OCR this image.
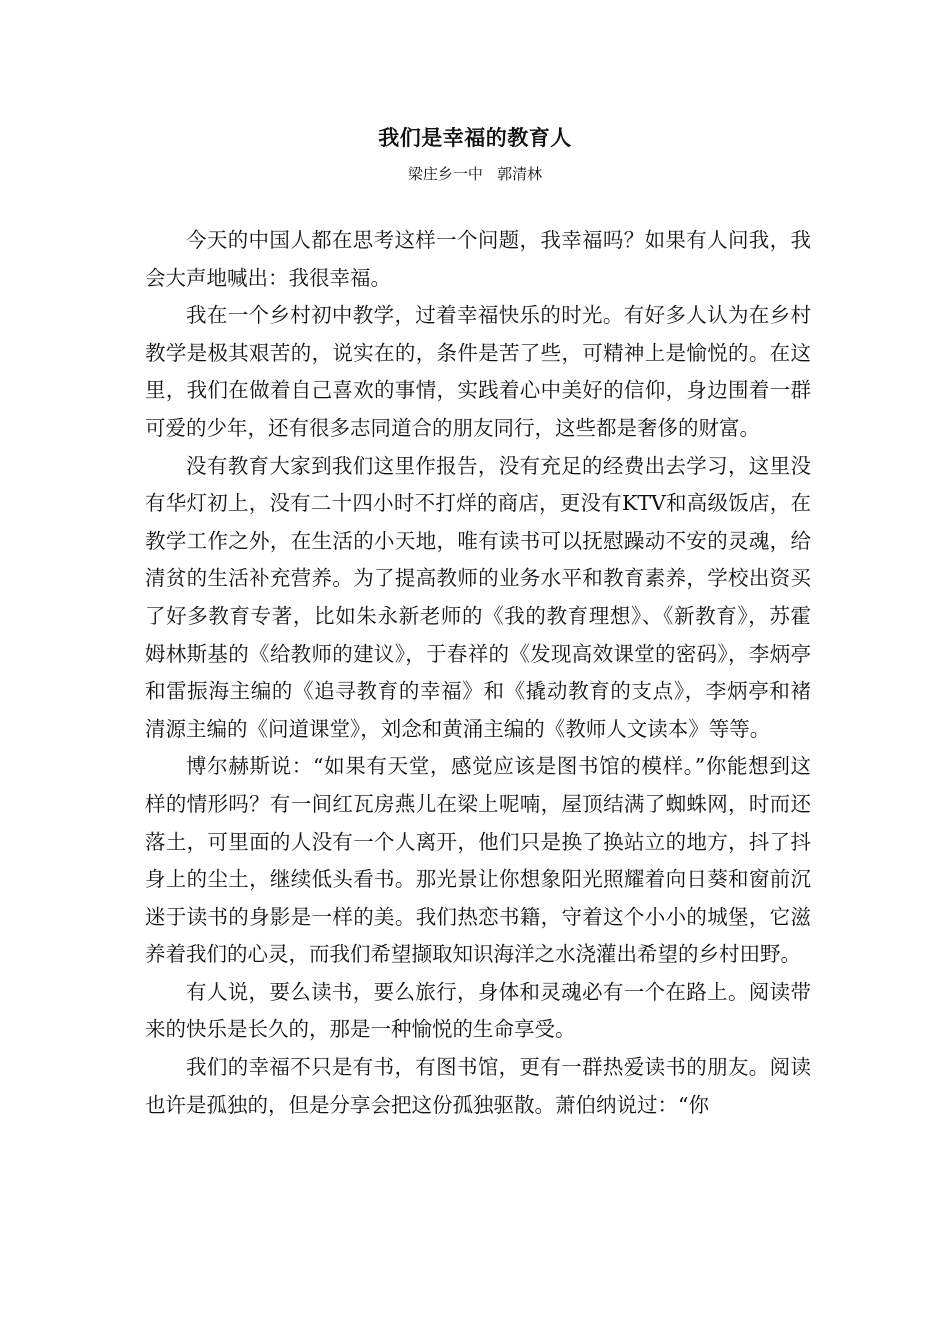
我们是幸福的教育人
梁庄乡一中   郭清林

今天的中国人都在思考这样一个问题，我幸福吗？如果有人问我，我会大声地喊出：我很幸福。

我在一个乡村初中教学，过着幸福快乐的时光。有好多人认为在乡村教学是极其艰苦的，说实在的，条件是苦了些，可精神上是愉悦的。在这里，我们在做着自己喜欢的事情，实践着心中美好的信仰，身边围着一群可爱的少年，还有很多志同道合的朋友同行，这些都是奢侈的财富。

没有教育大家到我们这里作报告，没有充足的经费出去学习，这里没有华灯初上，没有二十四小时不打烊的商店，更没有KTV和高级饭店，在教学工作之外，在生活的小天地，唯有读书可以抚慰躁动不安的灵魂，给清贫的生活补充营养。为了提高教师的业务水平和教育素养，学校出资买了好多教育专著，比如朱永新老师的《我的教育理想》、《新教育》，苏霍姆林斯基的《给教师的建议》，于春祥的《发现高效课堂的密码》，李炳亭和雷振海主编的《追寻教育的幸福》和《撬动教育的支点》，李炳亭和褚清源主编的《问道课堂》，刘念和黄涌主编的《教师人文读本》等等。

博尔赫斯说：“如果有天堂，感觉应该是图书馆的模样。”你能想到这样的情形吗？有一间红瓦房燕儿在梁上呢喃，屋顶结满了蜘蛛网，时而还落土，可里面的人没有一个人离开，他们只是换了换站立的地方，抖了抖身上的尘土，继续低头看书。那光景让你想象阳光照耀着向日葵和窗前沉迷于读书的身影是一样的美。我们热恋书籍，守着这个小小的城堡，它滋养着我们的心灵，而我们希望撷取知识海洋之水浇灌出希望的乡村田野。

有人说，要么读书，要么旅行，身体和灵魂必有一个在路上。阅读带来的快乐是长久的，那是一种愉悦的生命享受。

我们的幸福不只是有书，有图书馆，更有一群热爱读书的朋友。阅读也许是孤独的，但是分享会把这份孤独驱散。萧伯纳说过：“你
